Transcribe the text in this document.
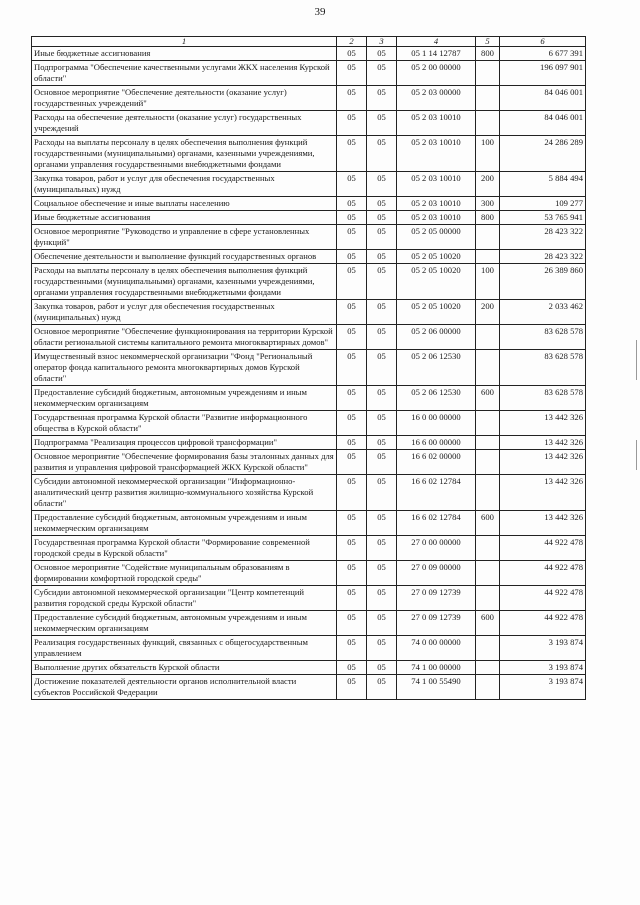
39
1	2	3	4	5	6
Иные бюджетные ассигнования	05	05	05 1 14 12787	800	6 677 391
Подпрограмма "Обеспечение качественными услугами ЖКХ населения Курской области"	05	05	05 2 00 00000		196 097 901
Основное мероприятие "Обеспечение деятельности (оказание услуг) государственных учреждений"	05	05	05 2 03 00000		84 046 001
Расходы на обеспечение деятельности (оказание услуг) государственных учреждений	05	05	05 2 03 10010		84 046 001
Расходы на выплаты персоналу в целях обеспечения выполнения функций государственными (муниципальными) органами, казенными учреждениями, органами управления государственными внебюджетными фондами	05	05	05 2 03 10010	100	24 286 289
Закупка товаров, работ и услуг для обеспечения государственных (муниципальных) нужд	05	05	05 2 03 10010	200	5 884 494
Социальное обеспечение и иные выплаты населению	05	05	05 2 03 10010	300	109 277
Иные бюджетные ассигнования	05	05	05 2 03 10010	800	53 765 941
Основное мероприятие "Руководство и управление в сфере установленных функций"	05	05	05 2 05 00000		28 423 322
Обеспечение деятельности и выполнение функций государственных органов	05	05	05 2 05 10020		28 423 322
Расходы на выплаты персоналу в целях обеспечения выполнения функций государственными (муниципальными) органами, казенными учреждениями, органами управления государственными внебюджетными фондами	05	05	05 2 05 10020	100	26 389 860
Закупка товаров, работ и услуг для обеспечения государственных (муниципальных) нужд	05	05	05 2 05 10020	200	2 033 462
Основное мероприятие "Обеспечение функционирования на территории Курской области региональной системы капитального ремонта многоквартирных домов"	05	05	05 2 06 00000		83 628 578
Имущественный взнос некоммерческой организации "Фонд "Региональный оператор фонда капитального ремонта многоквартирных домов Курской области"	05	05	05 2 06 12530		83 628 578
Предоставление субсидий бюджетным, автономным учреждениям и иным некоммерческим организациям	05	05	05 2 06 12530	600	83 628 578
Государственная программа Курской области "Развитие информационного общества в Курской области"	05	05	16 0 00 00000		13 442 326
Подпрограмма "Реализация процессов цифровой трансформации"	05	05	16 6 00 00000		13 442 326
Основное мероприятие "Обеспечение формирования базы эталонных данных для развития и управления цифровой трансформацией ЖКХ Курской области"	05	05	16 6 02 00000		13 442 326
Субсидии автономной некоммерческой организации "Информационно-аналитический центр развития жилищно-коммунального хозяйства Курской области"	05	05	16 6 02 12784		13 442 326
Предоставление субсидий бюджетным, автономным учреждениям и иным некоммерческим организациям	05	05	16 6 02 12784	600	13 442 326
Государственная программа Курской области "Формирование современной городской среды в Курской области"	05	05	27 0 00 00000		44 922 478
Основное мероприятие "Содействие муниципальным образованиям в формировании комфортной городской среды"	05	05	27 0 09 00000		44 922 478
Субсидии автономной некоммерческой организации "Центр компетенций развития городской среды Курской области"	05	05	27 0 09 12739		44 922 478
Предоставление субсидий бюджетным, автономным учреждениям и иным некоммерческим организациям	05	05	27 0 09 12739	600	44 922 478
Реализация государственных функций, связанных с общегосударственным управлением	05	05	74 0 00 00000		3 193 874
Выполнение других обязательств Курской области	05	05	74 1 00 00000		3 193 874
Достижение показателей деятельности органов исполнительной власти субъектов Российской Федерации	05	05	74 1 00 55490		3 193 874
